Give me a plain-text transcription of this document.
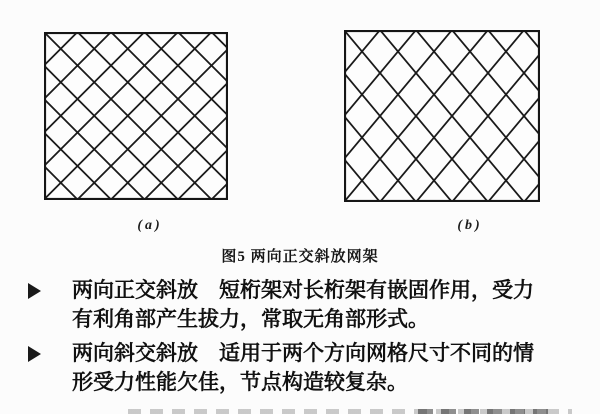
(a)	(b)
图5 两向正交斜放网架
两向正交斜放　短桁架对长桁架有嵌固作用，受力
有利角部产生拔力，常取无角部形式。
两向斜交斜放　适用于两个方向网格尺寸不同的情
形受力性能欠佳，节点构造较复杂。
